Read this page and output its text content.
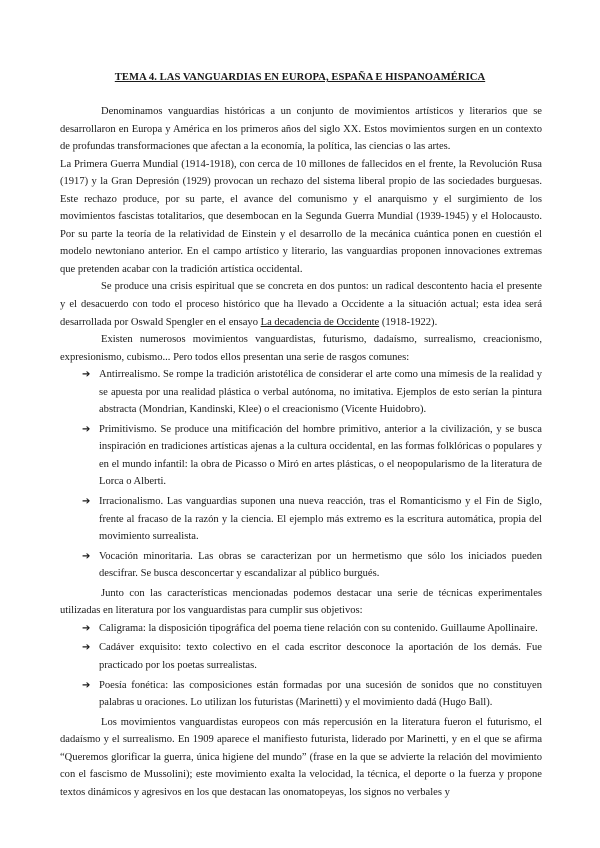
TEMA 4. LAS VANGUARDIAS EN EUROPA, ESPAÑA E HISPANOAMÉRICA

Denominamos vanguardias históricas a un conjunto de movimientos artísticos y literarios que se desarrollaron en Europa y América en los primeros años del siglo XX. Estos movimientos surgen en un contexto de profundas transformaciones que afectan a la economía, la política, las ciencias o las artes.

La Primera Guerra Mundial (1914-1918), con cerca de 10 millones de fallecidos en el frente, la Revolución Rusa (1917) y la Gran Depresión (1929) provocan un rechazo del sistema liberal propio de las sociedades burguesas. Este rechazo produce, por su parte, el avance del comunismo y el anarquismo y el surgimiento de los movimientos fascistas totalitarios, que desembocan en la Segunda Guerra Mundial (1939-1945) y el Holocausto. Por su parte la teoría de la relatividad de Einstein y el desarrollo de la mecánica cuántica ponen en cuestión el modelo newtoniano anterior. En el campo artístico y literario, las vanguardias proponen innovaciones extremas que pretenden acabar con la tradición artística occidental.

Se produce una crisis espiritual que se concreta en dos puntos: un radical descontento hacia el presente y el desacuerdo con todo el proceso histórico que ha llevado a Occidente a la situación actual; esta idea será desarrollada por Oswald Spengler en el ensayo La decadencia de Occidente (1918-1922).

Existen numerosos movimientos vanguardistas, futurismo, dadaísmo, surrealismo, creacionismo, expresionismo, cubismo... Pero todos ellos presentan una serie de rasgos comunes:

➔ Antirrealismo. Se rompe la tradición aristotélica de considerar el arte como una mímesis de la realidad y se apuesta por una realidad plástica o verbal autónoma, no imitativa. Ejemplos de esto serían la pintura abstracta (Mondrian, Kandinski, Klee) o el creacionismo (Vicente Huidobro).
➔ Primitivismo. Se produce una mitificación del hombre primitivo, anterior a la civilización, y se busca inspiración en tradiciones artísticas ajenas a la cultura occidental, en las formas folklóricas o populares y en el mundo infantil: la obra de Picasso o Miró en artes plásticas, o el neopopularismo de la literatura de Lorca o Alberti.
➔ Irracionalismo. Las vanguardias suponen una nueva reacción, tras el Romanticismo y el Fin de Siglo, frente al fracaso de la razón y la ciencia. El ejemplo más extremo es la escritura automática, propia del movimiento surrealista.
➔ Vocación minoritaria. Las obras se caracterizan por un hermetismo que sólo los iniciados pueden descifrar. Se busca desconcertar y escandalizar al público burgués.

Junto con las características mencionadas podemos destacar una serie de técnicas experimentales utilizadas en literatura por los vanguardistas para cumplir sus objetivos:

➔ Caligrama: la disposición tipográfica del poema tiene relación con su contenido. Guillaume Apollinaire.
➔ Cadáver exquisito: texto colectivo en el cada escritor desconoce la aportación de los demás. Fue practicado por los poetas surrealistas.
➔ Poesía fonética: las composiciones están formadas por una sucesión de sonidos que no constituyen palabras u oraciones. Lo utilizan los futuristas (Marinetti) y el movimiento dadá (Hugo Ball).

Los movimientos vanguardistas europeos con más repercusión en la literatura fueron el futurismo, el dadaísmo y el surrealismo. En 1909 aparece el manifiesto futurista, liderado por Marinetti, y en el que se afirma “Queremos glorificar la guerra, única higiene del mundo” (frase en la que se advierte la relación del movimiento con el fascismo de Mussolini); este movimiento exalta la velocidad, la técnica, el deporte o la fuerza y propone textos dinámicos y agresivos en los que destacan las onomatopeyas, los signos no verbales y
